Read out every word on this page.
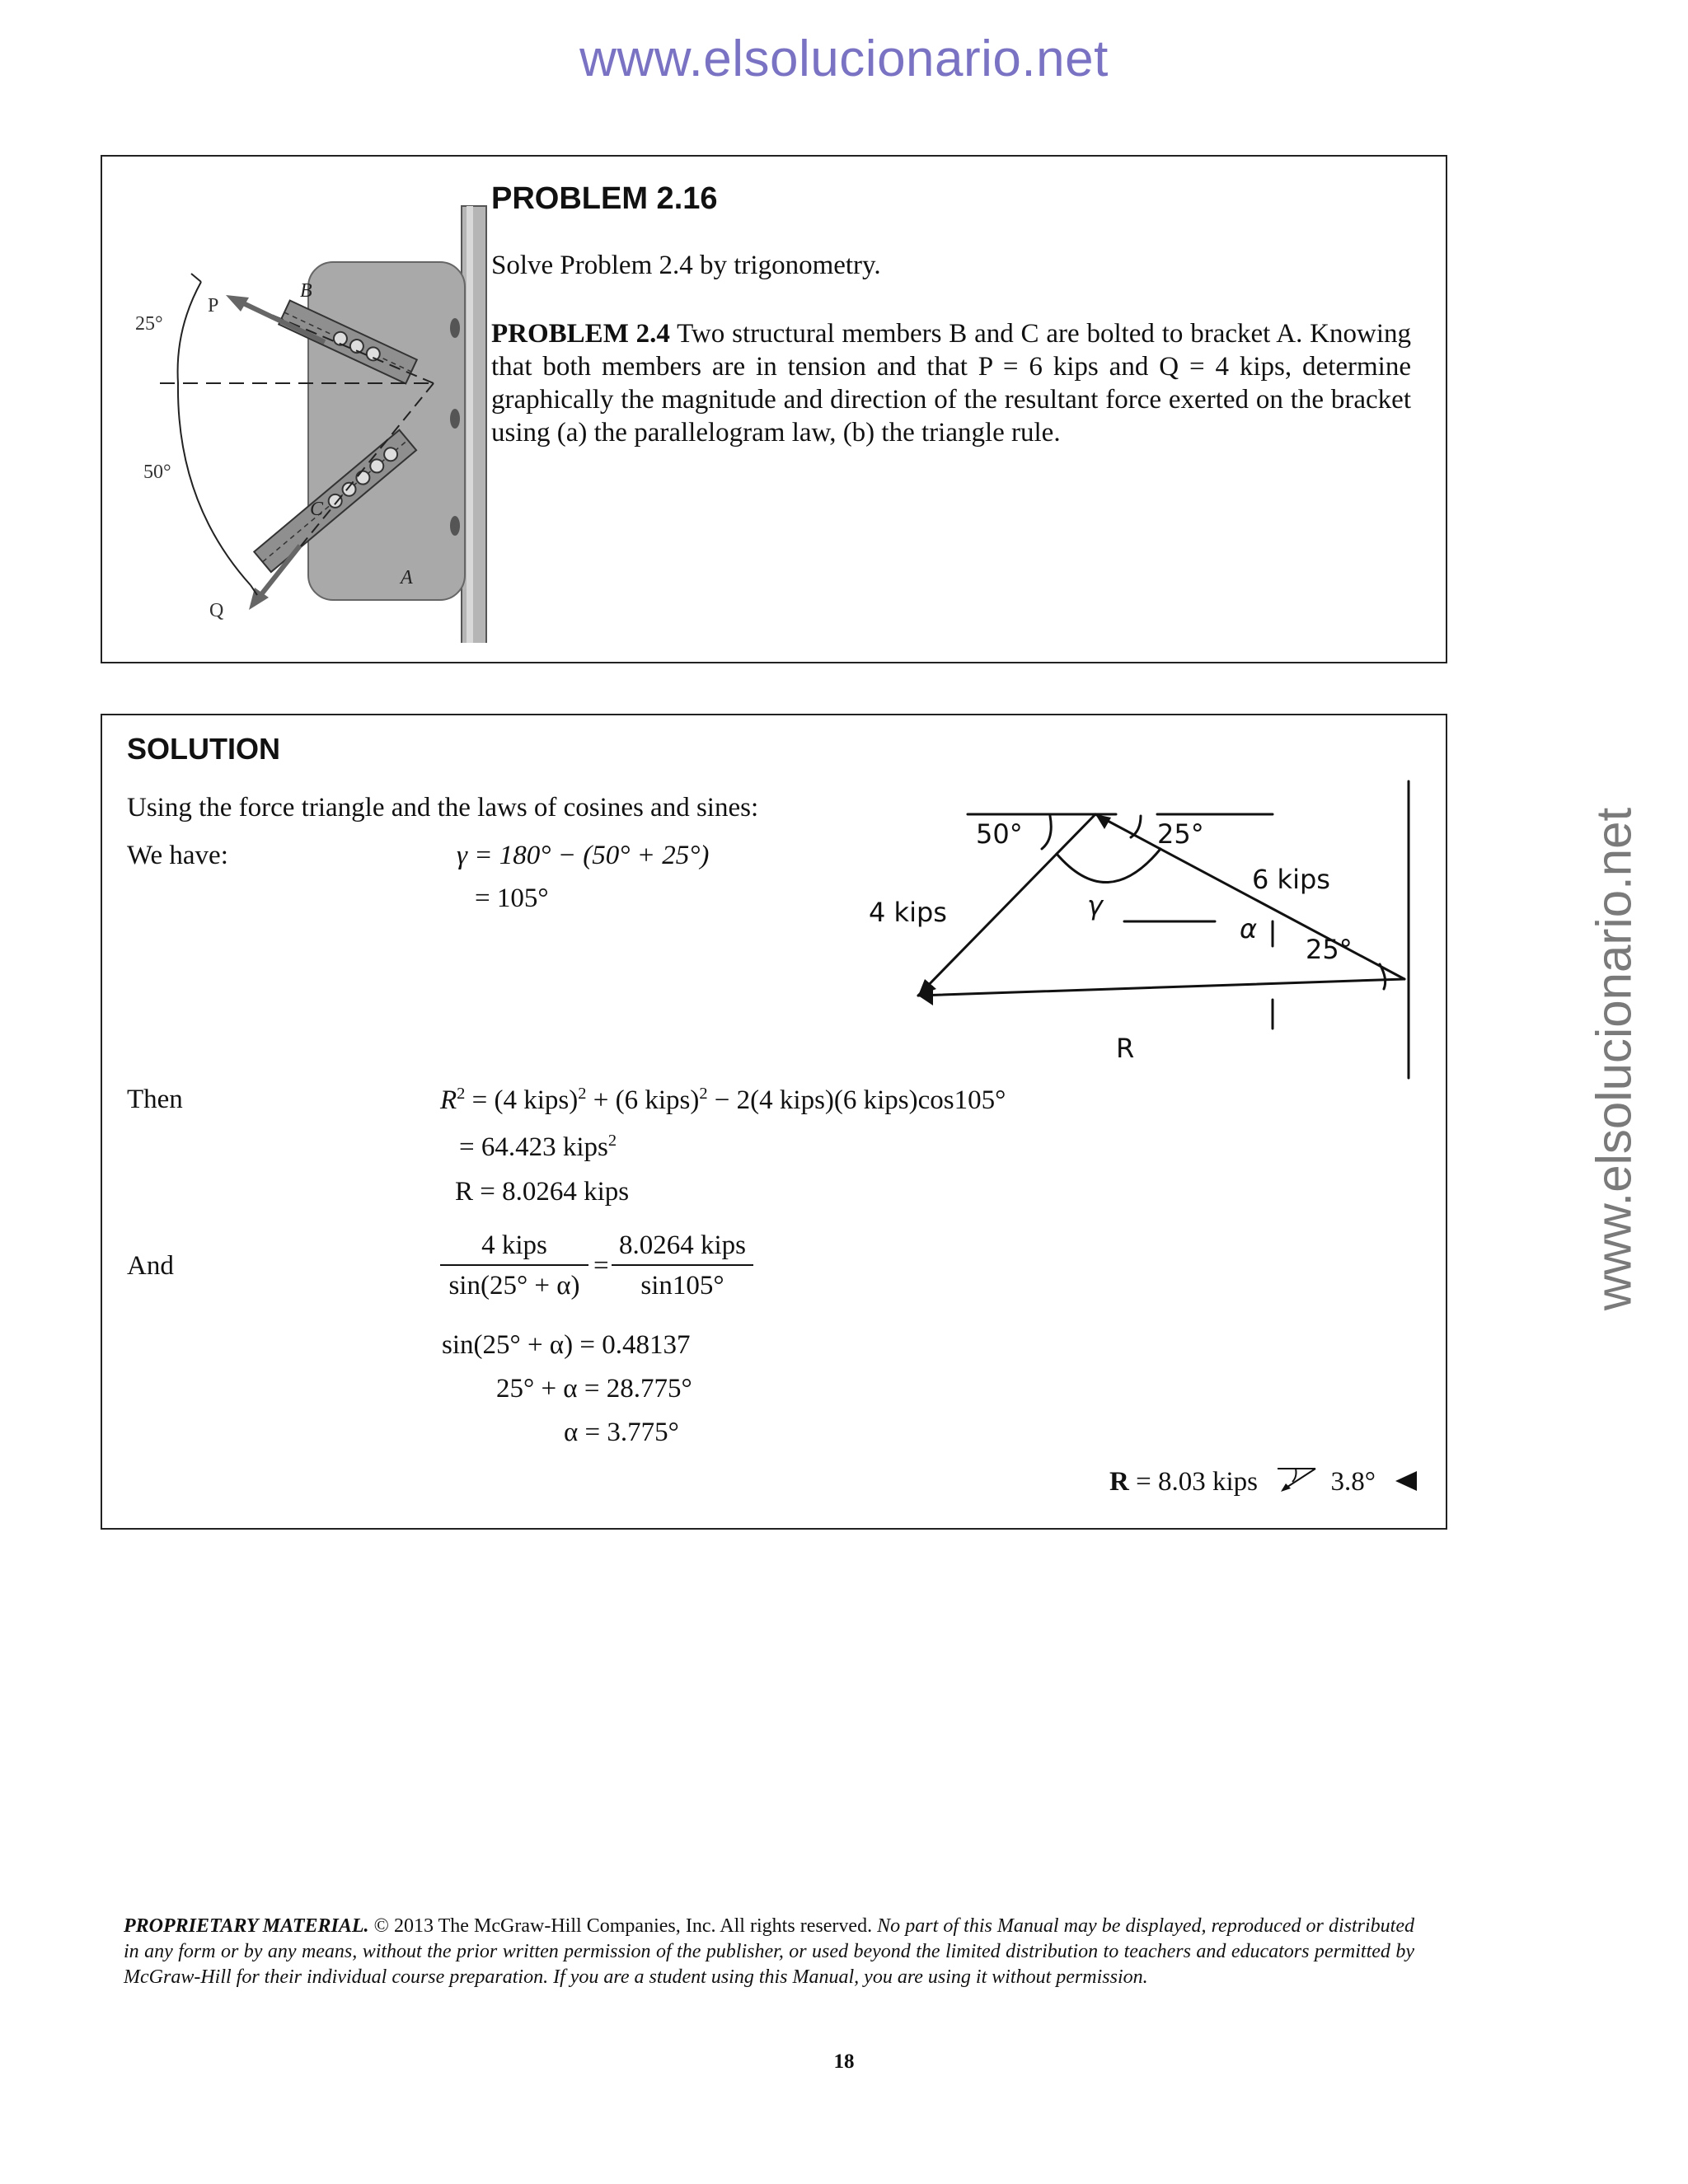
www.elsolucionario.net
www.elsolucionario.net
P
B
25°
50°
C
Q
A
PROBLEM 2.16
Solve Problem 2.4 by trigonometry.
PROBLEM 2.4 Two structural members B and C are bolted to bracket A. Knowing that both members are in tension and that P = 6 kips and Q = 4 kips, determine graphically the magnitude and direction of the resultant force exerted on the bracket using (a) the parallelogram law, (b) the triangle rule.
SOLUTION
Using the force triangle and the laws of cosines and sines:
We have:	γ = 180° − (50° + 25°)
= 105°
50°	25°
6 kips
4 kips	γ
α
25°
R
Then	$R^2 = (4$ kips)$^2$ + (6 kips)$^2$ − 2(4 kips)(6 kips)cos105°
= 64.423 kips$^2$
R = 8.0264 kips
And
4 kips
sin(25° + α)
=
8.0264 kips
sin105°
sin(25° + α) = 0.48137
25° + α = 28.775°
α = 3.775°
R = 8.03 kips	3.8°
PROPRIETARY MATERIAL. © 2013 The McGraw-Hill Companies, Inc. All rights reserved. No part of this Manual may be displayed, reproduced or distributed in any form or by any means, without the prior written permission of the publisher, or used beyond the limited distribution to teachers and educators permitted by McGraw-Hill for their individual course preparation. If you are a student using this Manual, you are using it without permission.
18
